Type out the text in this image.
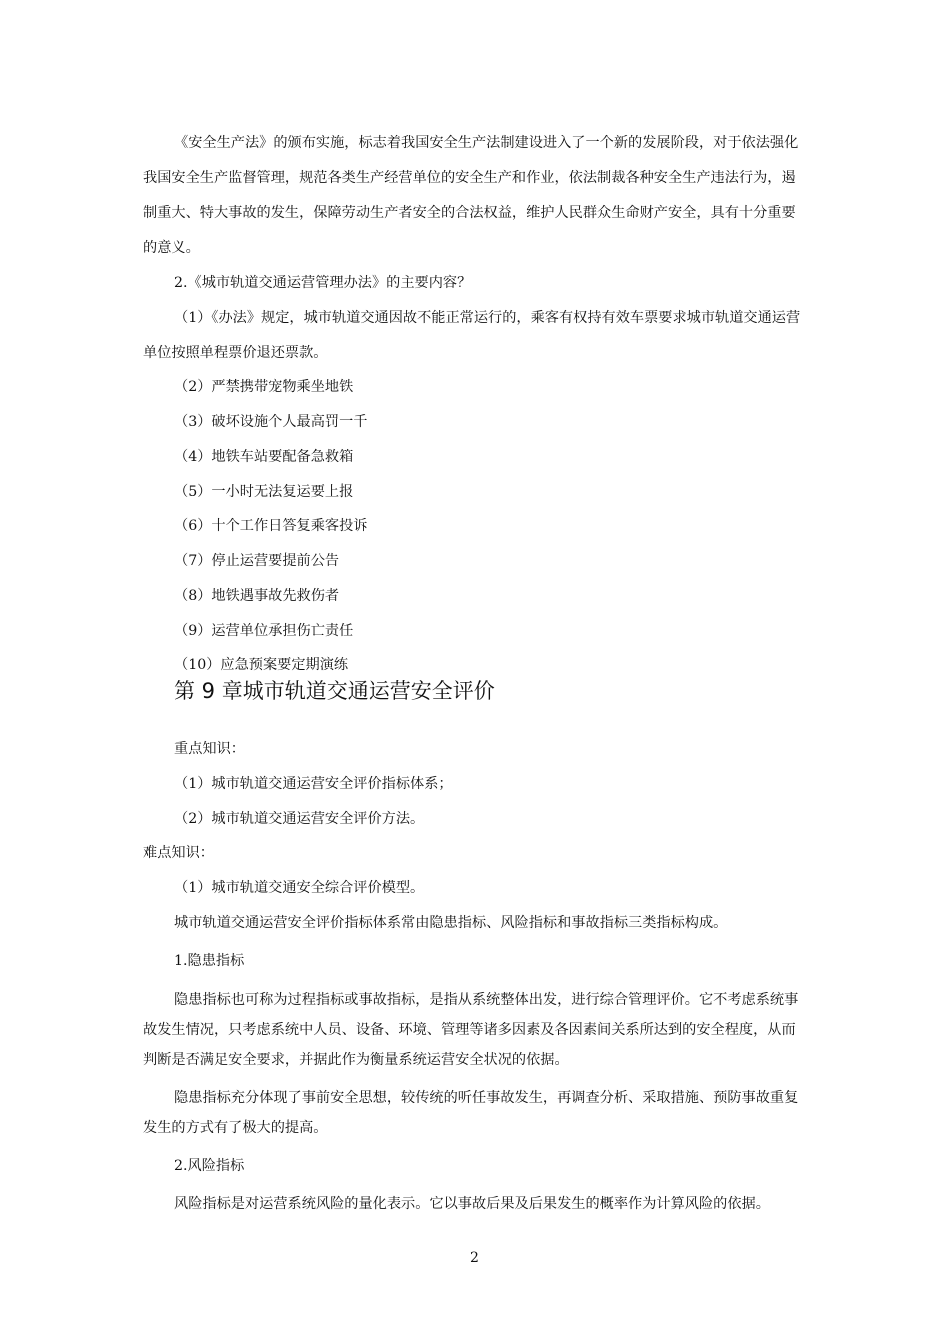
《安全生产法》的颁布实施，标志着我国安全生产法制建设进入了一个新的发展阶段，对于依法强化
我国安全生产监督管理，规范各类生产经营单位的安全生产和作业，依法制裁各种安全生产违法行为，遏
制重大、特大事故的发生，保障劳动生产者安全的合法权益，维护人民群众生命财产安全，具有十分重要
的意义。
2.《城市轨道交通运营管理办法》的主要内容？
（1）《办法》规定，城市轨道交通因故不能正常运行的，乘客有权持有效车票要求城市轨道交通运营
单位按照单程票价退还票款。
（2）严禁携带宠物乘坐地铁
（3）破坏设施个人最高罚一千
（4）地铁车站要配备急救箱
（5）一小时无法复运要上报
（6）十个工作日答复乘客投诉
（7）停止运营要提前公告
（8）地铁遇事故先救伤者
（9）运营单位承担伤亡责任
（10）应急预案要定期演练
第 9 章城市轨道交通运营安全评价
重点知识：
（1）城市轨道交通运营安全评价指标体系；
（2）城市轨道交通运营安全评价方法。
难点知识：
（1）城市轨道交通安全综合评价模型。
城市轨道交通运营安全评价指标体系常由隐患指标、风险指标和事故指标三类指标构成。
1.隐患指标
隐患指标也可称为过程指标或事故指标，是指从系统整体出发，进行综合管理评价。它不考虑系统事
故发生情况，只考虑系统中人员、设备、环境、管理等诸多因素及各因素间关系所达到的安全程度，从而
判断是否满足安全要求，并据此作为衡量系统运营安全状况的依据。
隐患指标充分体现了事前安全思想，较传统的听任事故发生，再调查分析、采取措施、预防事故重复
发生的方式有了极大的提高。
2.风险指标
风险指标是对运营系统风险的量化表示。它以事故后果及后果发生的概率作为计算风险的依据。
2
